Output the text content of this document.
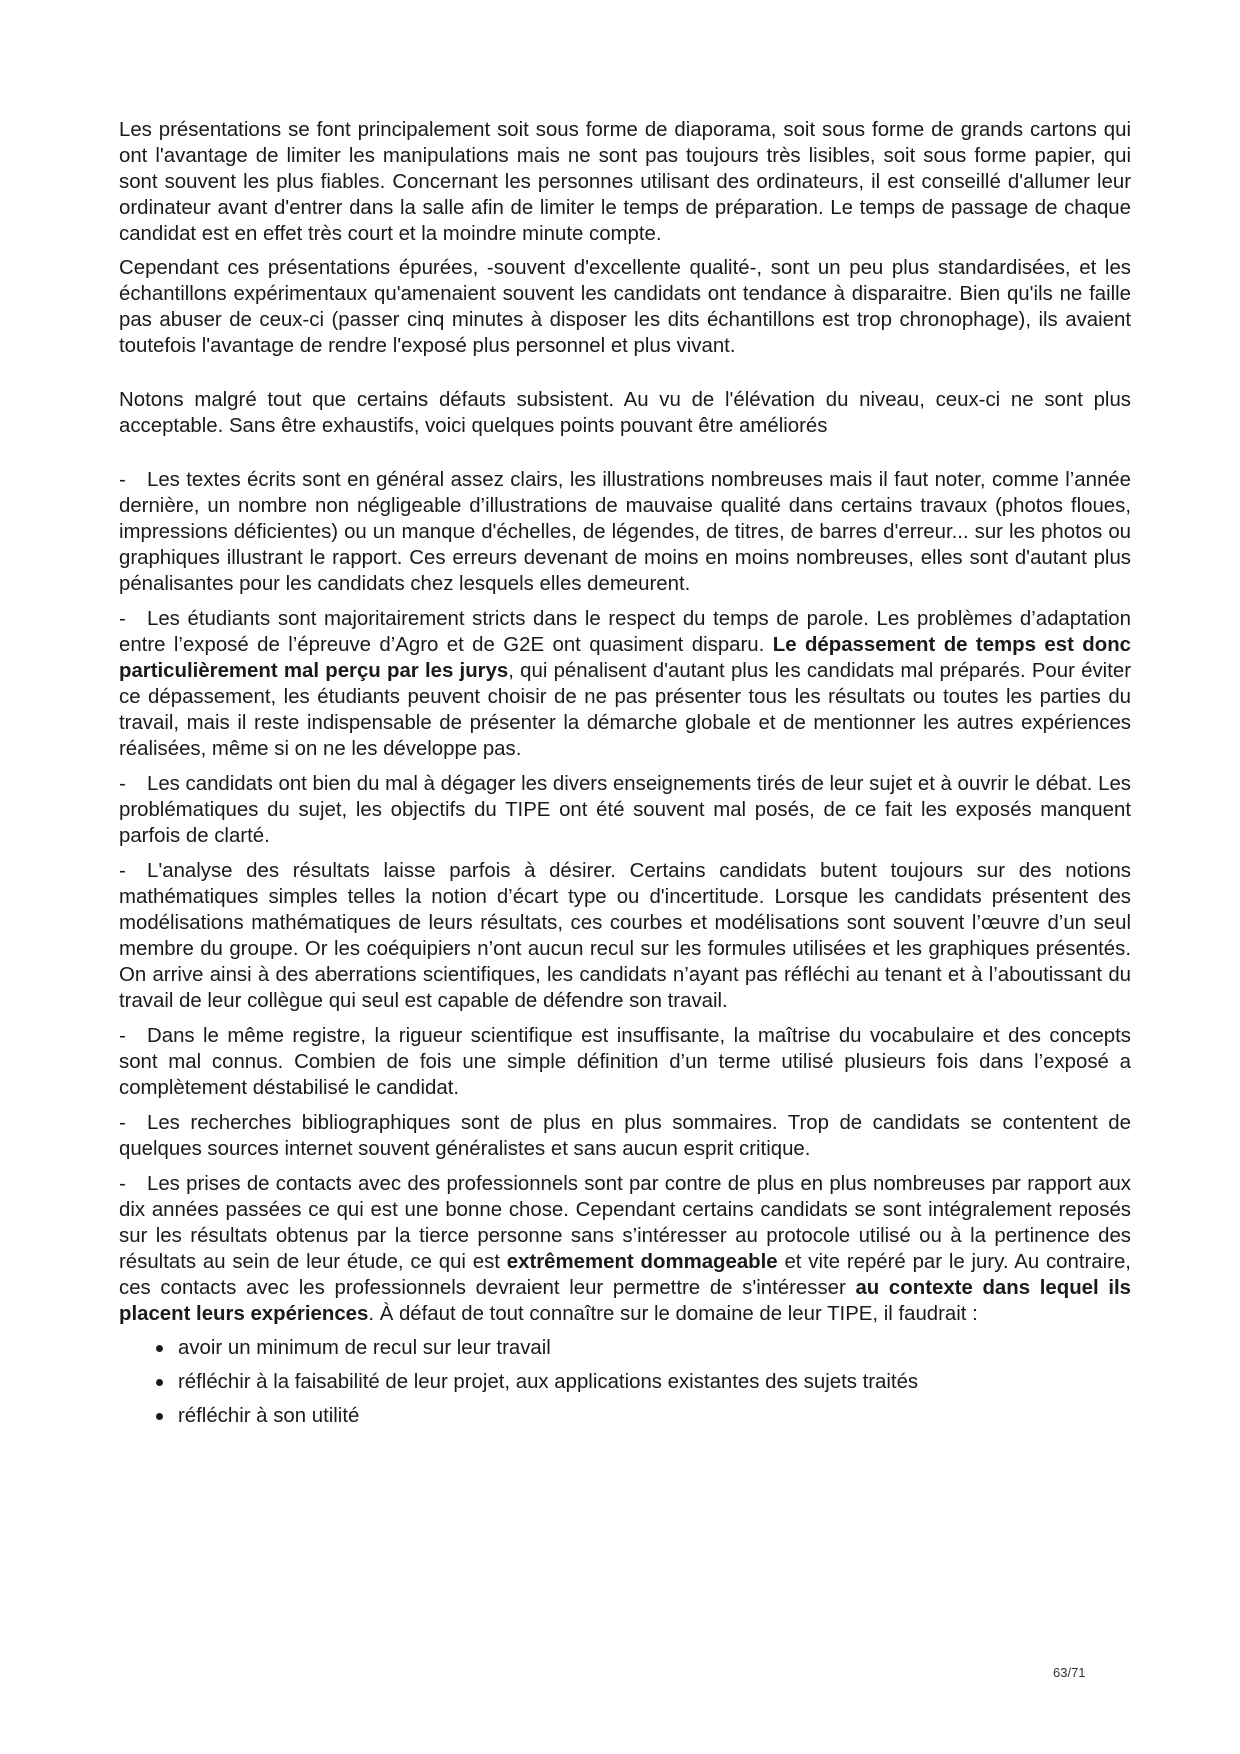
Les présentations se font principalement soit sous forme de diaporama, soit sous forme de grands cartons qui ont l'avantage de limiter les manipulations mais ne sont pas toujours très lisibles, soit sous forme papier, qui sont souvent les plus fiables. Concernant les personnes utilisant des ordinateurs, il est conseillé d'allumer leur ordinateur avant d'entrer dans la salle afin de limiter le temps de préparation. Le temps de passage de chaque candidat est en effet très court et la moindre minute compte.

Cependant ces présentations épurées, -souvent d'excellente qualité-, sont un peu plus standardisées, et les échantillons expérimentaux qu'amenaient souvent les candidats ont tendance à disparaitre. Bien qu'ils ne faille pas abuser de ceux-ci (passer cinq minutes à disposer les dits échantillons est trop chronophage), ils avaient toutefois l'avantage de rendre l'exposé plus personnel et plus vivant.

Notons malgré tout que certains défauts subsistent. Au vu de l'élévation du niveau, ceux-ci ne sont plus acceptable. Sans être exhaustifs, voici quelques points pouvant être améliorés

- Les textes écrits sont en général assez clairs, les illustrations nombreuses mais il faut noter, comme l’année dernière, un nombre non négligeable d’illustrations de mauvaise qualité dans certains travaux (photos floues, impressions déficientes) ou un manque d'échelles, de légendes, de titres, de barres d'erreur... sur les photos ou graphiques illustrant le rapport. Ces erreurs devenant de moins en moins nombreuses, elles sont d'autant plus pénalisantes pour les candidats chez lesquels elles demeurent.

- Les étudiants sont majoritairement stricts dans le respect du temps de parole. Les problèmes d’adaptation entre l’exposé de l’épreuve d’Agro et de G2E ont quasiment disparu. Le dépassement de temps est donc particulièrement mal perçu par les jurys, qui pénalisent d'autant plus les candidats mal préparés. Pour éviter ce dépassement, les étudiants peuvent choisir de ne pas présenter tous les résultats ou toutes les parties du travail, mais il reste indispensable de présenter la démarche globale et de mentionner les autres expériences réalisées, même si on ne les développe pas.

- Les candidats ont bien du mal à dégager les divers enseignements tirés de leur sujet et à ouvrir le débat. Les problématiques du sujet, les objectifs du TIPE ont été souvent mal posés, de ce fait les exposés manquent parfois de clarté.

- L'analyse des résultats laisse parfois à désirer. Certains candidats butent toujours sur des notions mathématiques simples telles la notion d’écart type ou d'incertitude. Lorsque les candidats présentent des modélisations mathématiques de leurs résultats, ces courbes et modélisations sont souvent l’œuvre d’un seul membre du groupe. Or les coéquipiers n’ont aucun recul sur les formules utilisées et les graphiques présentés. On arrive ainsi à des aberrations scientifiques, les candidats n’ayant pas réfléchi au tenant et à l’aboutissant du travail de leur collègue qui seul est capable de défendre son travail.

- Dans le même registre, la rigueur scientifique est insuffisante, la maîtrise du vocabulaire et des concepts sont mal connus. Combien de fois une simple définition d’un terme utilisé plusieurs fois dans l’exposé a complètement déstabilisé le candidat.

- Les recherches bibliographiques sont de plus en plus sommaires. Trop de candidats se contentent de quelques sources internet souvent généralistes et sans aucun esprit critique.

- Les prises de contacts avec des professionnels sont par contre de plus en plus nombreuses par rapport aux dix années passées ce qui est une bonne chose. Cependant certains candidats se sont intégralement reposés sur les résultats obtenus par la tierce personne sans s’intéresser au protocole utilisé ou à la pertinence des résultats au sein de leur étude, ce qui est extrêmement dommageable et vite repéré par le jury. Au contraire, ces contacts avec les professionnels devraient leur permettre de s'intéresser au contexte dans lequel ils placent leurs expériences. À défaut de tout connaître sur le domaine de leur TIPE, il faudrait :

avoir un minimum de recul sur leur travail
réfléchir à la faisabilité de leur projet, aux applications existantes des sujets traités
réfléchir à son utilité
63/71
